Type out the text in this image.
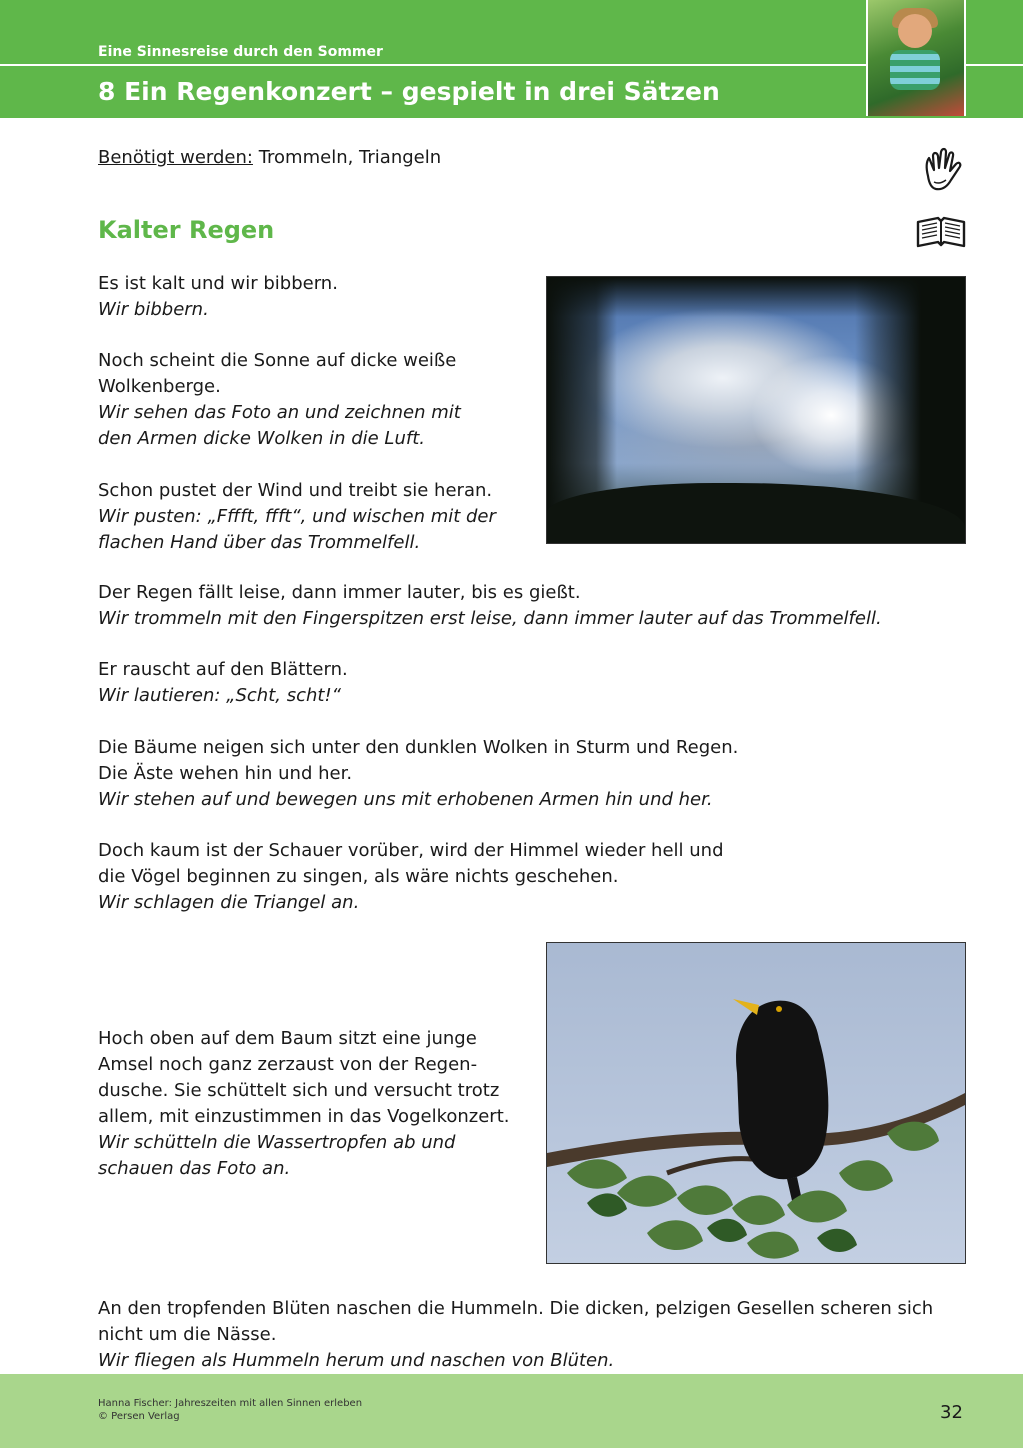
Eine Sinnesreise durch den Sommer
8 Ein Regenkonzert – gespielt in drei Sätzen
Benötigt werden: Trommeln, Triangeln
Kalter Regen
Es ist kalt und wir bibbern.
Wir bibbern.
Noch scheint die Sonne auf dicke weiße
Wolkenberge.
Wir sehen das Foto an und zeichnen mit
den Armen dicke Wolken in die Luft.
Schon pustet der Wind und treibt sie heran.
Wir pusten: „Fffft, ffft“, und wischen mit der
flachen Hand über das Trommelfell.
Der Regen fällt leise, dann immer lauter, bis es gießt.
Wir trommeln mit den Fingerspitzen erst leise, dann immer lauter auf das Trommelfell.
Er rauscht auf den Blättern.
Wir lautieren: „Scht, scht!“
Die Bäume neigen sich unter den dunklen Wolken in Sturm und Regen.
Die Äste wehen hin und her.
Wir stehen auf und bewegen uns mit erhobenen Armen hin und her.
Doch kaum ist der Schauer vorüber, wird der Himmel wieder hell und
die Vögel beginnen zu singen, als wäre nichts geschehen.
Wir schlagen die Triangel an.
Hoch oben auf dem Baum sitzt eine junge
Amsel noch ganz zerzaust von der Regen-
dusche. Sie schüttelt sich und versucht trotz
allem, mit einzustimmen in das Vogelkonzert.
Wir schütteln die Wassertropfen ab und
schauen das Foto an.
An den tropfenden Blüten naschen die Hummeln. Die dicken, pelzigen Gesellen scheren sich
nicht um die Nässe.
Wir fliegen als Hummeln herum und naschen von Blüten.
Hanna Fischer: Jahreszeiten mit allen Sinnen erleben
© Persen Verlag	32
